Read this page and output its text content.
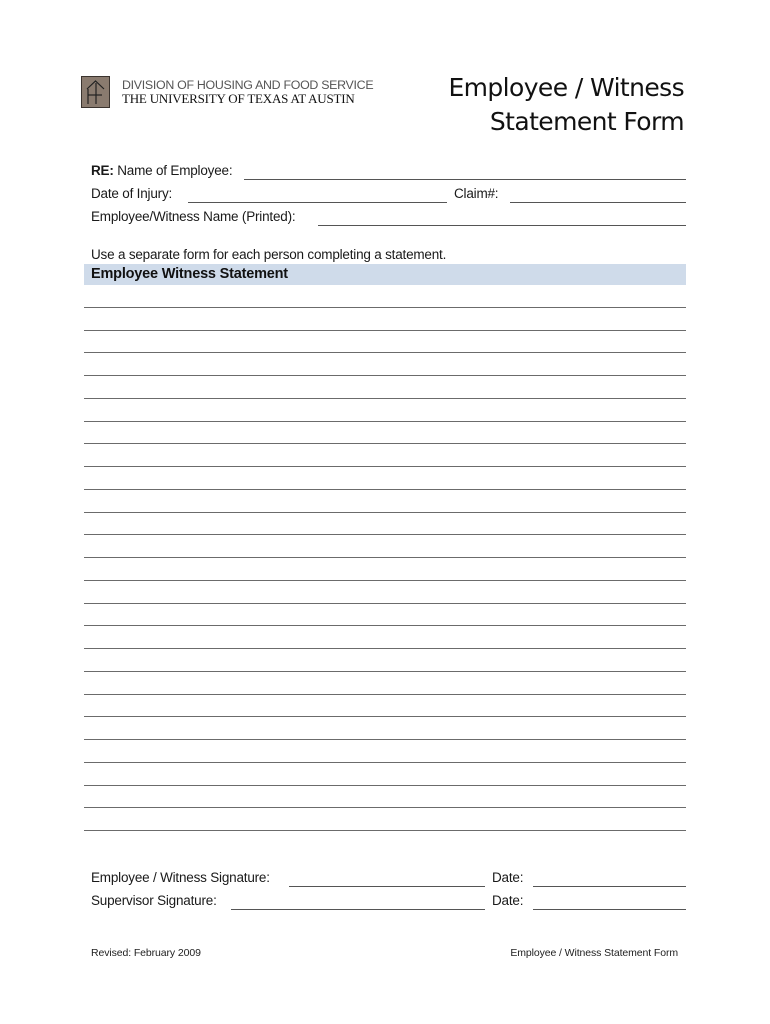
DIVISION OF HOUSING AND FOOD SERVICE
THE UNIVERSITY OF TEXAS AT AUSTIN	Employee / Witness
Statement Form
RE: Name of Employee:
Date of Injury:	Claim#:
Employee/Witness Name (Printed):
Use a separate form for each person completing a statement.
Employee Witness Statement
Employee / Witness Signature:	Date:
Supervisor Signature:	Date:
Revised: February 2009	Employee / Witness Statement Form
